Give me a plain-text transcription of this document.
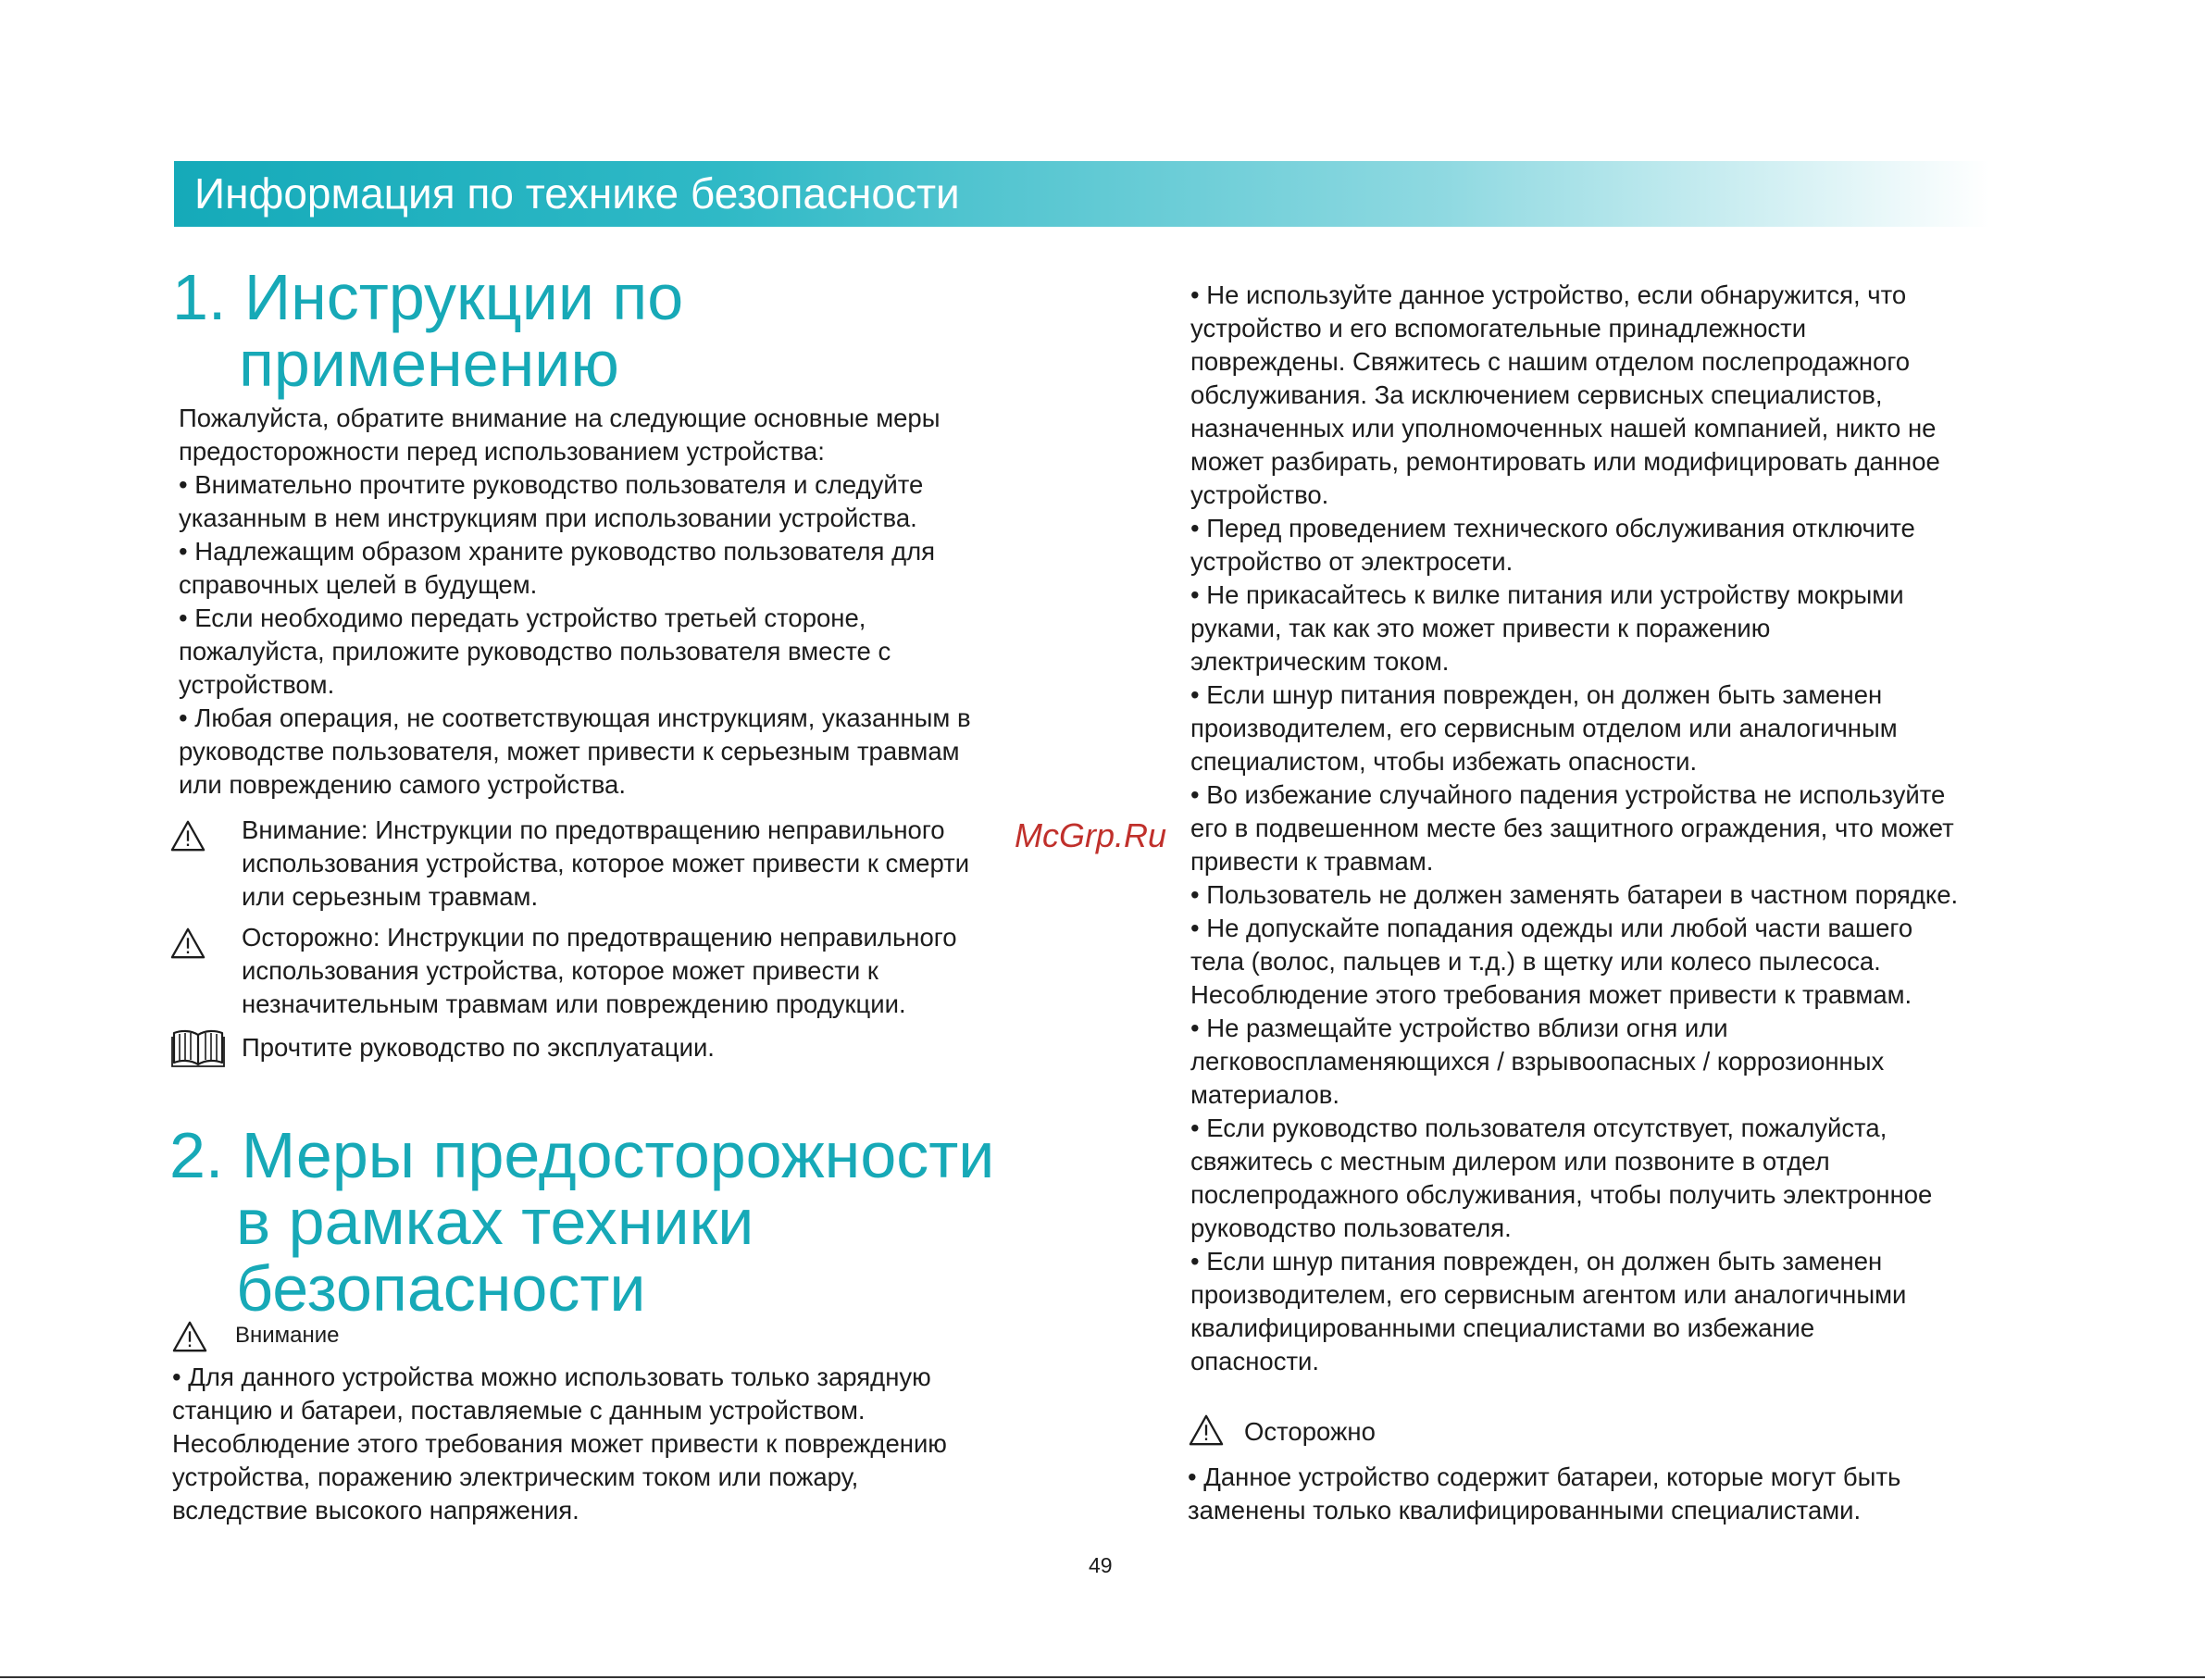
Информация по технике безопасности
1. Инструкции по
применению
Пожалуйста, обратите внимание на следующие основные меры
предосторожности перед использованием устройства:
• Внимательно прочтите руководство пользователя и следуйте
указанным в нем инструкциям при использовании устройства.
• Надлежащим образом храните руководство пользователя для
справочных целей в будущем.
• Если необходимо передать устройство третьей стороне,
пожалуйста, приложите руководство пользователя вместе с
устройством.
• Любая операция, не соответствующая инструкциям, указанным в
руководстве пользователя, может привести к серьезным травмам
или повреждению самого устройства.
Внимание: Инструкции по предотвращению неправильного
использования устройства, которое может привести к смерти
или серьезным травмам.
Осторожно: Инструкции по предотвращению неправильного
использования устройства, которое может привести к
незначительным травмам или повреждению продукции.
Прочтите руководство по эксплуатации.
2. Меры предосторожности
в рамках техники
безопасности
Внимание
• Для данного устройства можно использовать только зарядную
станцию и батареи, поставляемые с данным устройством.
Несоблюдение этого требования может привести к повреждению
устройства, поражению электрическим током или пожару,
вследствие высокого напряжения.
• Не используйте данное устройство, если обнаружится, что
устройство и его вспомогательные принадлежности
повреждены. Свяжитесь с нашим отделом послепродажного
обслуживания. За исключением сервисных специалистов,
назначенных или уполномоченных нашей компанией, никто не
может разбирать, ремонтировать или модифицировать данное
устройство.
• Перед проведением технического обслуживания отключите
устройство от электросети.
• Не прикасайтесь к вилке питания или устройству мокрыми
руками, так как это может привести к поражению
электрическим током.
• Если шнур питания поврежден, он должен быть заменен
производителем, его сервисным отделом или аналогичным
специалистом, чтобы избежать опасности.
• Во избежание случайного падения устройства не используйте
его в подвешенном месте без защитного ограждения, что может
привести к травмам.
• Пользователь не должен заменять батареи в частном порядке.
• Не допускайте попадания одежды или любой части вашего
тела (волос, пальцев и т.д.) в щетку или колесо пылесоса.
Несоблюдение этого требования может привести к травмам.
• Не размещайте устройство вблизи огня или
легковоспламеняющихся / взрывоопасных / коррозионных
материалов.
• Если руководство пользователя отсутствует, пожалуйста,
свяжитесь с местным дилером или позвоните в отдел
послепродажного обслуживания, чтобы получить электронное
руководство пользователя.
• Если шнур питания поврежден, он должен быть заменен
производителем, его сервисным агентом или аналогичными
квалифицированными специалистами во избежание
опасности.
Осторожно
• Данное устройство содержит батареи, которые могут быть
заменены только квалифицированными специалистами.
McGrp.Ru
49
